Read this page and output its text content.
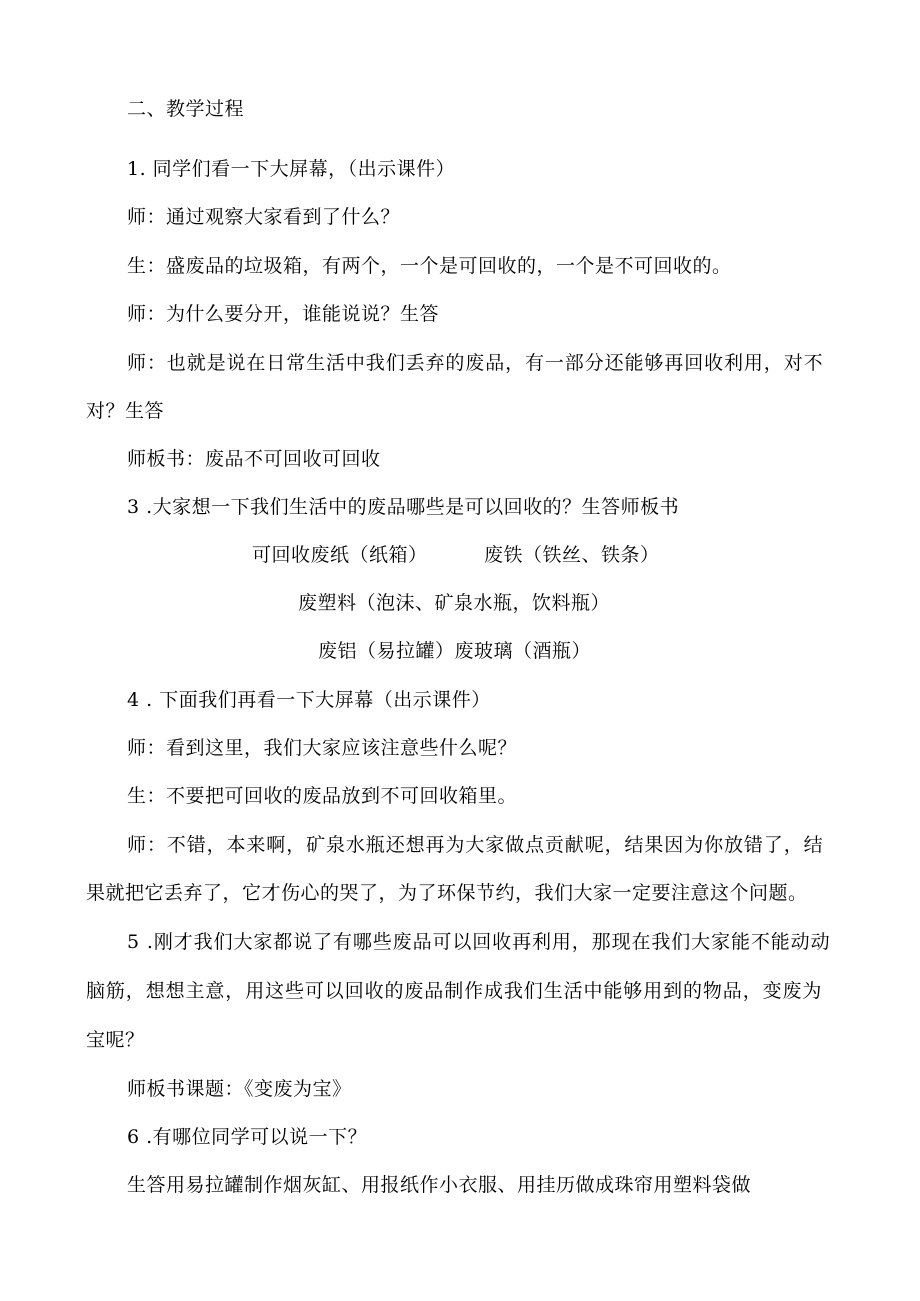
二、教学过程
1. 同学们看一下大屏幕，（出示课件）
师：通过观察大家看到了什么？
生：盛废品的垃圾箱，有两个，一个是可回收的，一个是不可回收的。
师：为什么要分开，谁能说说？生答
师：也就是说在日常生活中我们丢弃的废品，有一部分还能够再回收利用，对不
对？生答
师板书：废品不可回收可回收
3 .大家想一下我们生活中的废品哪些是可以回收的？生答师板书
可回收废纸（纸箱）	废铁（铁丝、铁条）
废塑料（泡沫、矿泉水瓶，饮料瓶）
废铝（易拉罐）废玻璃（酒瓶）
4 . 下面我们再看一下大屏幕（出示课件）
师：看到这里，我们大家应该注意些什么呢？
生：不要把可回收的废品放到不可回收箱里。
师：不错，本来啊，矿泉水瓶还想再为大家做点贡献呢，结果因为你放错了，结
果就把它丢弃了，它才伤心的哭了，为了环保节约，我们大家一定要注意这个问题。
5 .刚才我们大家都说了有哪些废品可以回收再利用，那现在我们大家能不能动动
脑筋，想想主意，用这些可以回收的废品制作成我们生活中能够用到的物品，变废为
宝呢？
师板书课题：《变废为宝》
6 .有哪位同学可以说一下？
生答用易拉罐制作烟灰缸、用报纸作小衣服、用挂历做成珠帘用塑料袋做
